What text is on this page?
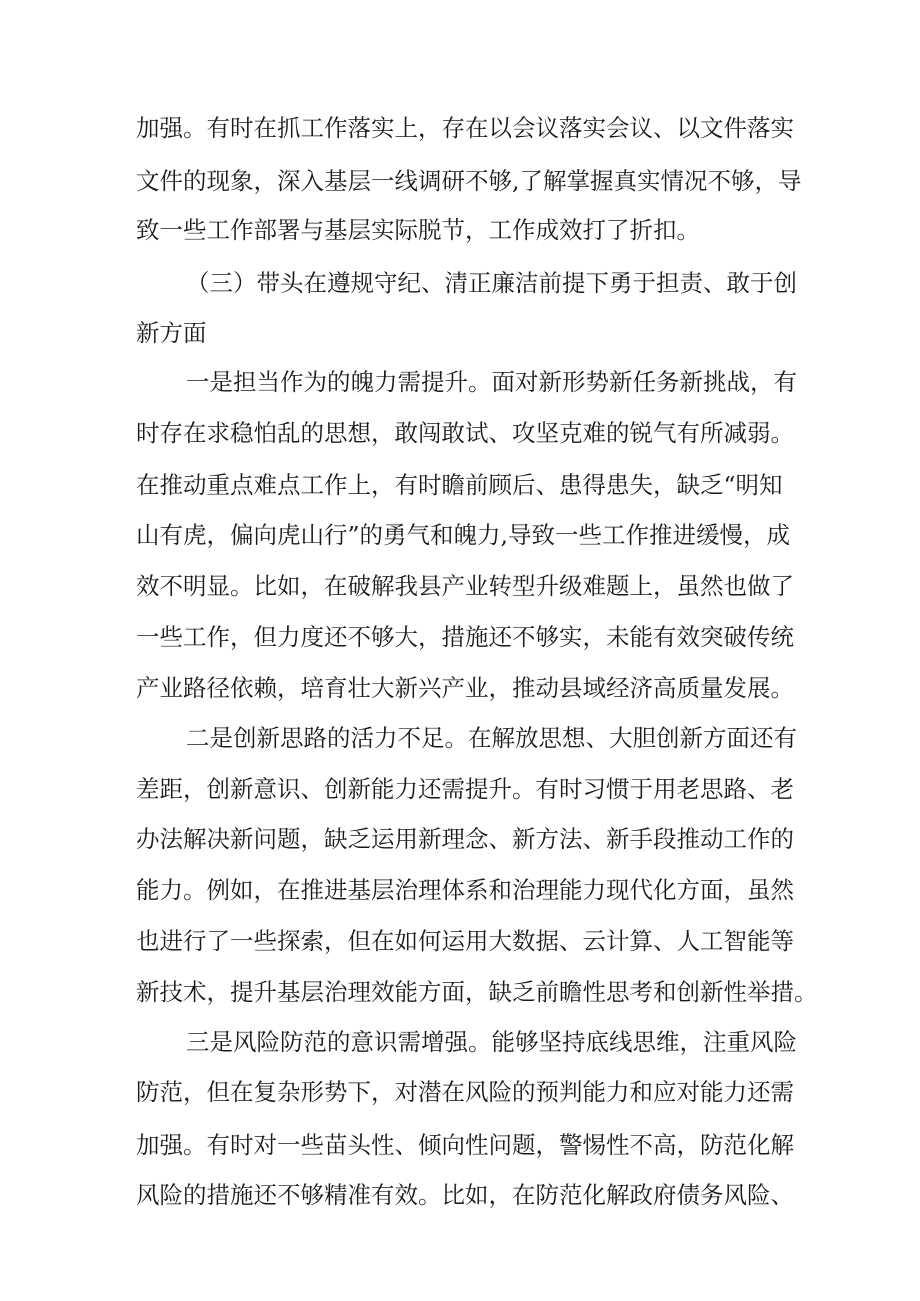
加强。有时在抓工作落实上，存在以会议落实会议、以文件落实
文件的现象，深入基层一线调研不够,了解掌握真实情况不够，导
致一些工作部署与基层实际脱节，工作成效打了折扣。
（三）带头在遵规守纪、清正廉洁前提下勇于担责、敢于创
新方面
一是担当作为的魄力需提升。面对新形势新任务新挑战，有
时存在求稳怕乱的思想，敢闯敢试、攻坚克难的锐气有所减弱。
在推动重点难点工作上，有时瞻前顾后、患得患失，缺乏“明知
山有虎，偏向虎山行”的勇气和魄力,导致一些工作推进缓慢，成
效不明显。比如，在破解我县产业转型升级难题上，虽然也做了
一些工作，但力度还不够大，措施还不够实，未能有效突破传统
产业路径依赖，培育壮大新兴产业，推动县域经济高质量发展。
二是创新思路的活力不足。在解放思想、大胆创新方面还有
差距，创新意识、创新能力还需提升。有时习惯于用老思路、老
办法解决新问题，缺乏运用新理念、新方法、新手段推动工作的
能力。例如，在推进基层治理体系和治理能力现代化方面，虽然
也进行了一些探索，但在如何运用大数据、云计算、人工智能等
新技术，提升基层治理效能方面，缺乏前瞻性思考和创新性举措。
三是风险防范的意识需增强。能够坚持底线思维，注重风险
防范，但在复杂形势下，对潜在风险的预判能力和应对能力还需
加强。有时对一些苗头性、倾向性问题，警惕性不高，防范化解
风险的措施还不够精准有效。比如，在防范化解政府债务风险、
